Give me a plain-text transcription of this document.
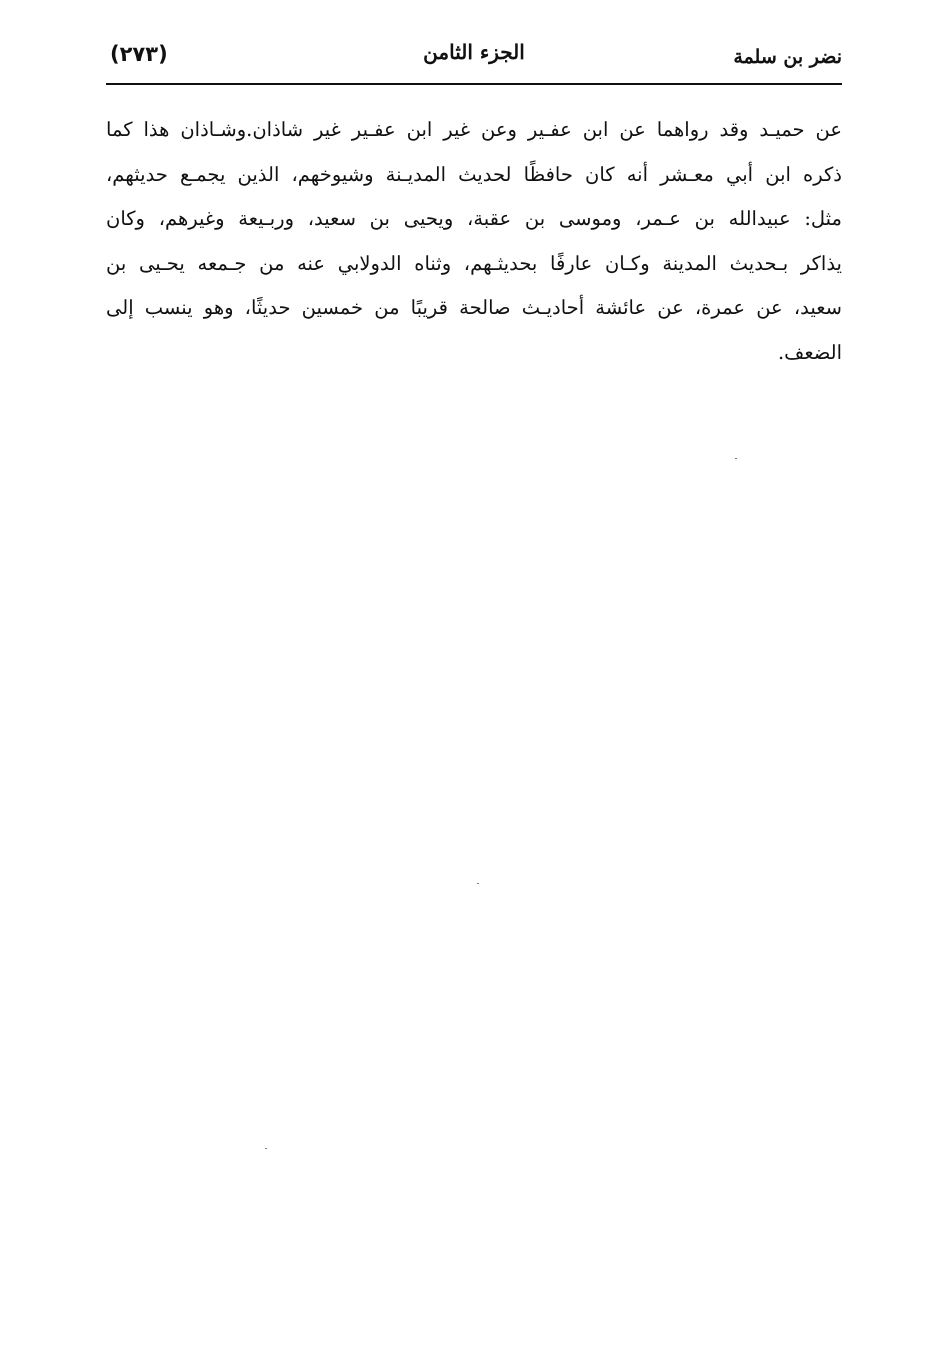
(٢٧٣)	الجزء الثامن	نضر بن سلمة
عن حميـد وقد رواهما عن ابن عفـير وعن غير ابن عفـير غير شاذان.وشـاذان هذا كما
ذكره ابن أبي معـشر أنه كان حافظًا لحديث المديـنة وشيوخهم، الذين يجمـع حديثهم،
مثل: عبيدالله بن عـمر، وموسى بن عقبة، ويحيى بن سعيد، وربـيعة وغيرهم، وكان
يذاكر بـحديث المدينة وكـان عارفًا بحديثـهم، وثناه الدولابي عنه من جـمعه يحـيى بن
سعيد، عن عمرة، عن عائشة أحاديـث صالحة قريبًا من خمسين حديثًا، وهو ينسب إلى
الضعف.
